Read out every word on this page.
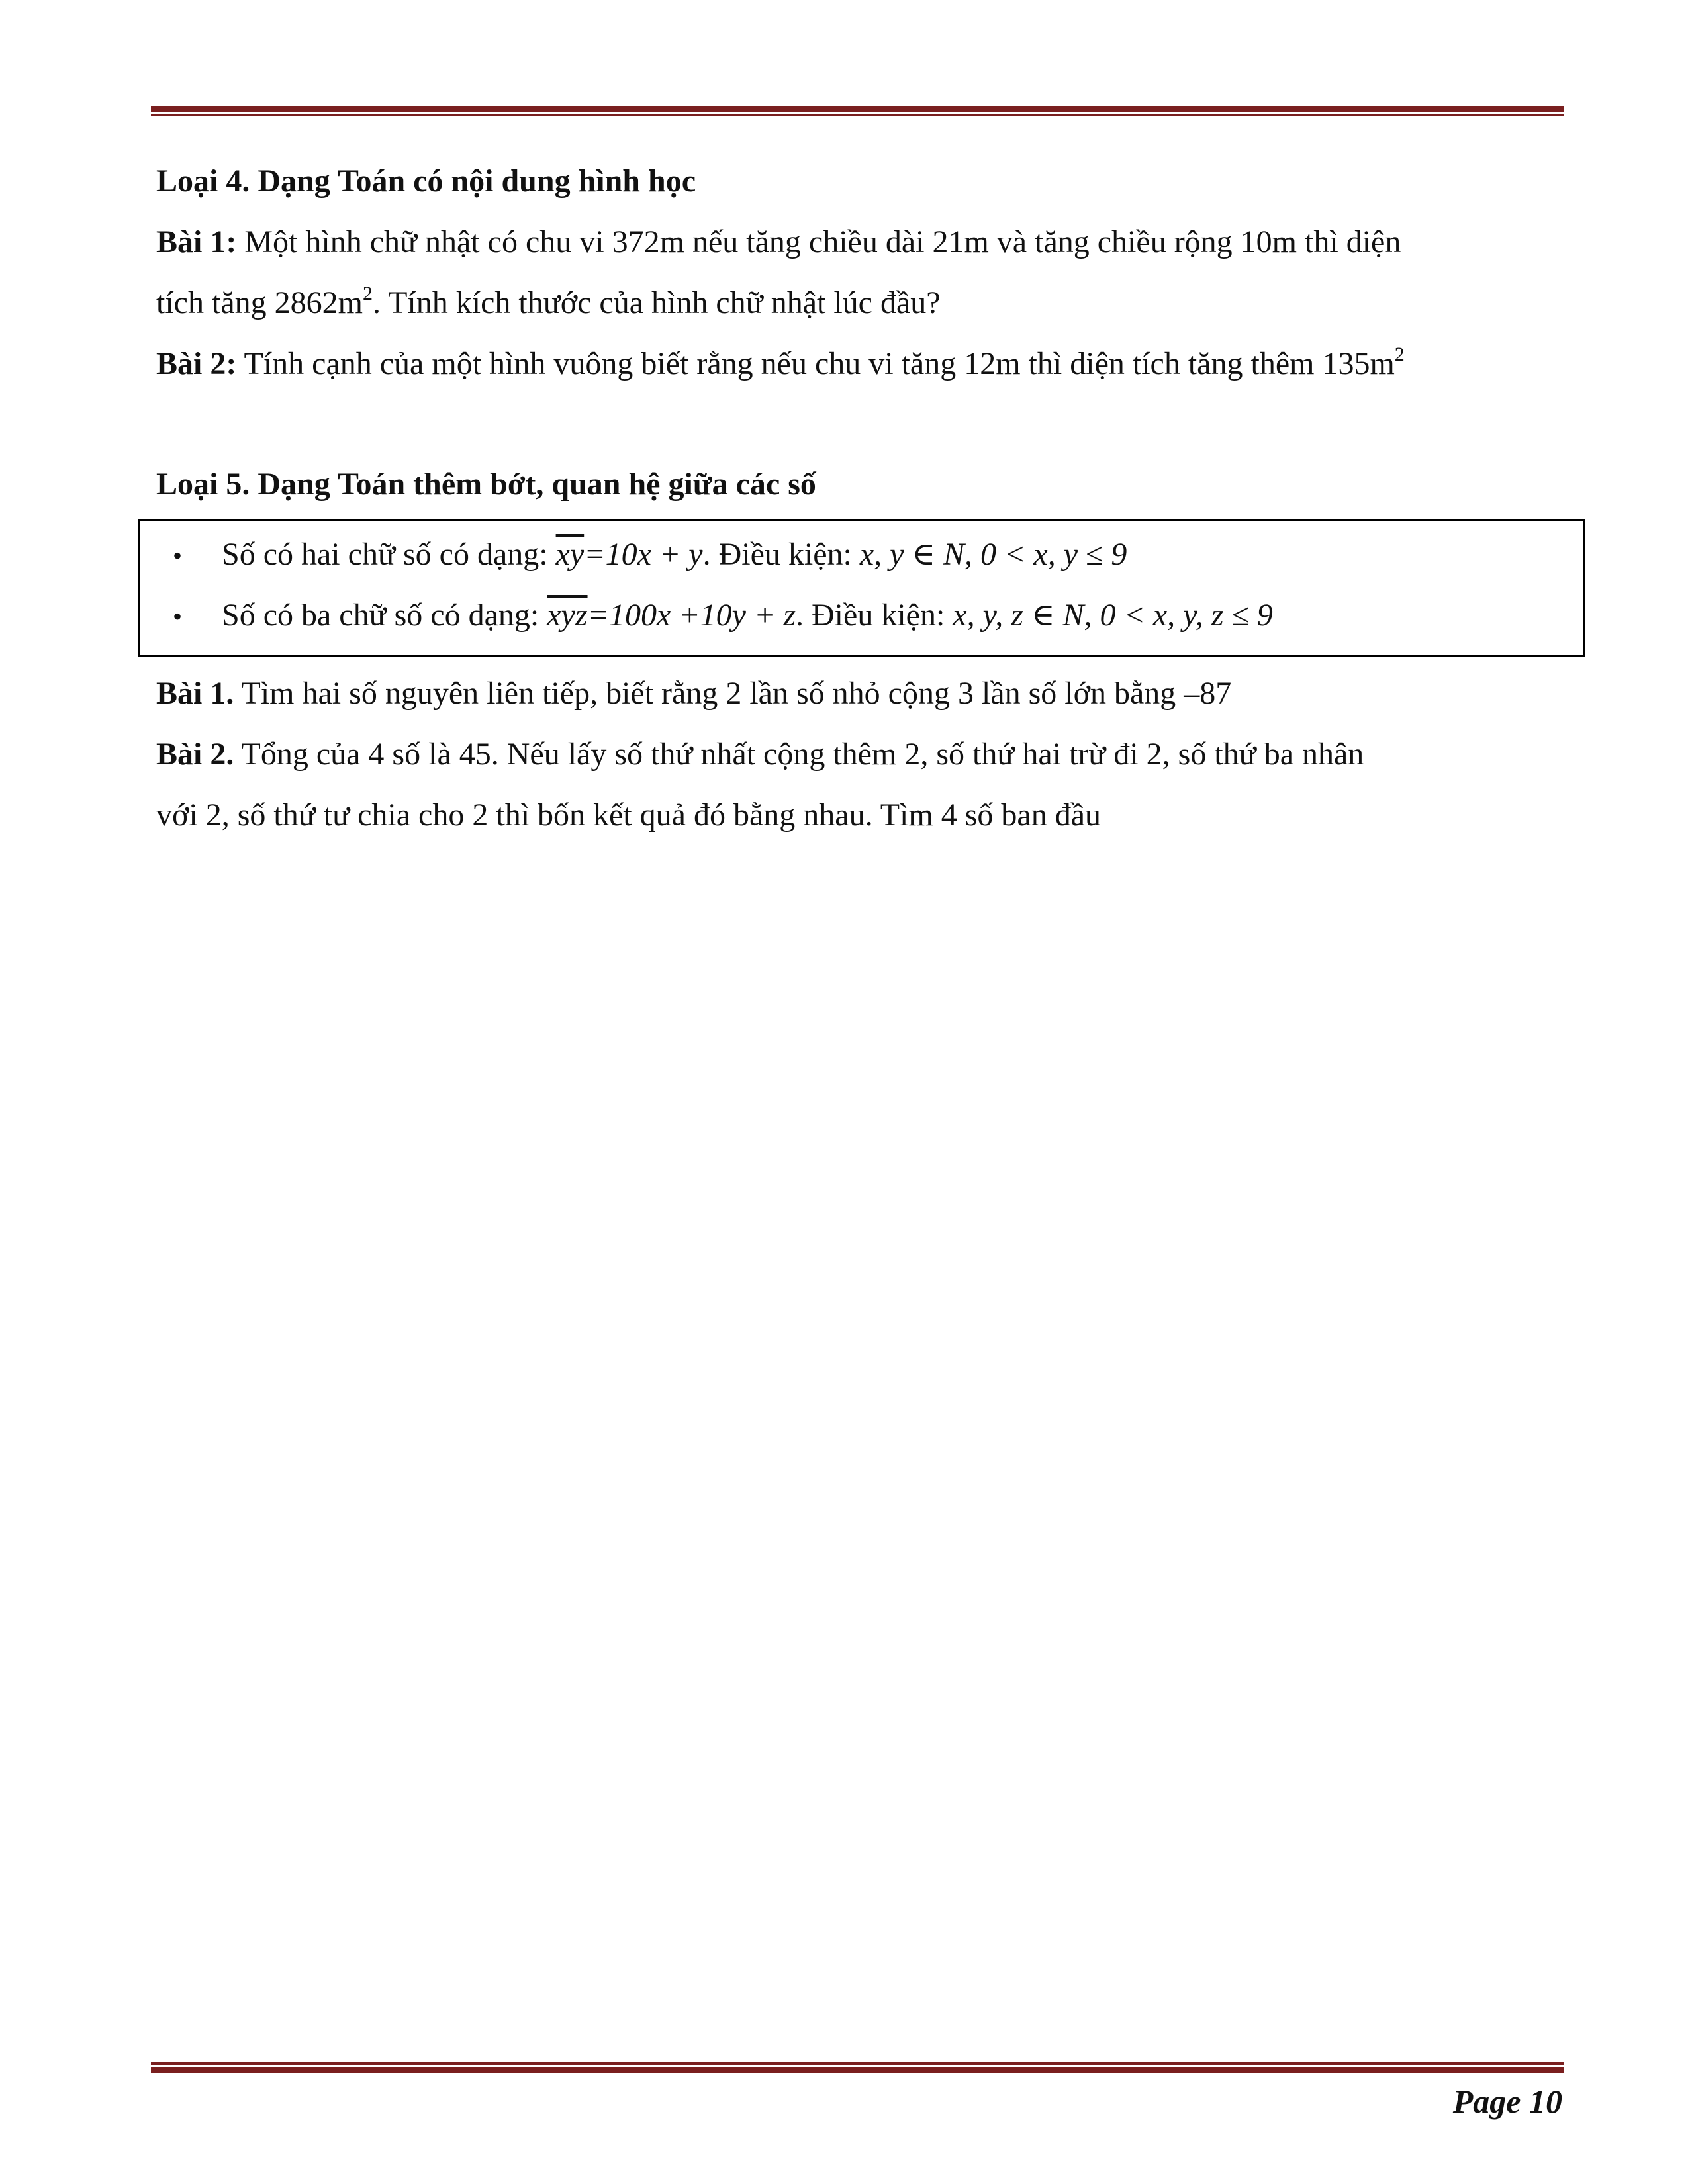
Loại 4. Dạng Toán có nội dung hình học
Bài 1: Một hình chữ nhật có chu vi 372m nếu tăng chiều dài 21m và tăng chiều rộng 10m thì diện
tích tăng $2862m^2$. Tính kích thước của hình chữ nhật lúc đầu?
Bài 2: Tính cạnh của một hình vuông biết rằng nếu chu vi tăng 12m thì diện tích tăng thêm $135m^2$
Loại 5. Dạng Toán thêm bớt, quan hệ giữa các số
• Số có hai chữ số có dạng: $\overline{xy}=10x + y$. Điều kiện: x, y ∈ N, 0 < x, y ≤ 9
• Số có ba chữ số có dạng: $\overline{xyz}=100x +10y + z$. Điều kiện: x, y, z ∈ N, 0 < x, y, z ≤ 9
Bài 1. Tìm hai số nguyên liên tiếp, biết rằng 2 lần số nhỏ cộng 3 lần số lớn bằng –87
Bài 2. Tổng của 4 số là 45. Nếu lấy số thứ nhất cộng thêm 2, số thứ hai trừ đi 2, số thứ ba nhân
với 2, số thứ tư chia cho 2 thì bốn kết quả đó bằng nhau. Tìm 4 số ban đầu
Page 10
